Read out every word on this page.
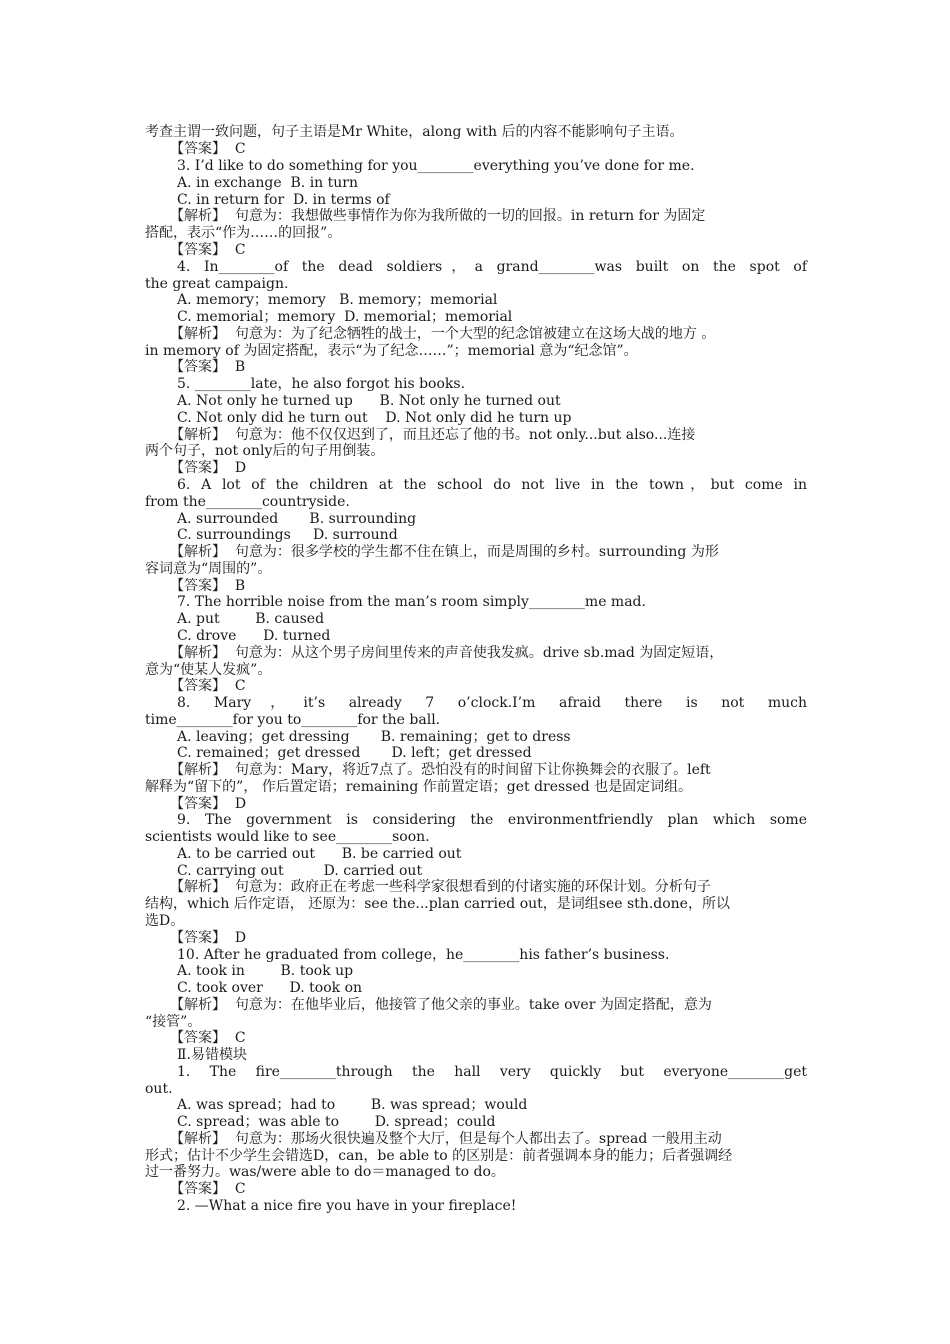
考查主谓一致问题，句子主语是Mr White，along with 后的内容不能影响句子主语。
【答案】  C
3. I’d like to do something for you________everything you’ve done for me.
A. in exchange  B. in turn
C. in return for  D. in terms of
【解析】  句意为：我想做些事情作为你为我所做的一切的回报。in return for 为固定
搭配，表示“作为……的回报”。
【答案】  C
4. In________of the dead soldiers，a grand________was built on the spot of
the great campaign.
A. memory；memory   B. memory；memorial
C. memorial；memory  D. memorial；memorial
【解析】  句意为：为了纪念牺牲的战士，一个大型的纪念馆被建立在这场大战的地方 。
in memory of 为固定搭配，表示“为了纪念……”；memorial 意为“纪念馆”。
【答案】  B
5. ________late，he also forgot his books.
A. Not only he turned up      B. Not only he turned out
C. Not only did he turn out    D. Not only did he turn up
【解析】  句意为：他不仅仅迟到了，而且还忘了他的书。not only...but also...连接
两个句子，not only后的句子用倒装。
【答案】  D
6. A lot of the children at the school do not live in the town，but come in
from the________countryside.
A. surrounded       B. surrounding
C. surroundings     D. surround
【解析】  句意为：很多学校的学生都不住在镇上，而是周围的乡村。surrounding 为形
容词意为“周围的”。
【答案】  B
7. The horrible noise from the man’s room simply________me mad.
A. put        B. caused
C. drove      D. turned
【解析】  句意为：从这个男子房间里传来的声音使我发疯。drive sb.mad 为固定短语，
意为“使某人发疯”。
【答案】  C
8. Mary，it’s already 7 o’clock.I’m afraid there is not much
time________for you to________for the ball.
A. leaving；get dressing       B. remaining；get to dress
C. remained；get dressed       D. left；get dressed
【解析】  句意为：Mary，将近7点了。恐怕没有的时间留下让你换舞会的衣服了。left
解释为“留下的”， 作后置定语；remaining 作前置定语；get dressed 也是固定词组。
【答案】  D
9. The government is considering the environmentfriendly plan which some
scientists would like to see________soon.
A. to be carried out      B. be carried out
C. carrying out         D. carried out
【解析】  句意为：政府正在考虑一些科学家很想看到的付诸实施的环保计划。分析句子
结构，which 后作定语， 还原为：see the...plan carried out，是词组see sth.done，所以
选D。
【答案】  D
10. After he graduated from college，he________his father’s business.
A. took in        B. took up
C. took over      D. took on
【解析】  句意为：在他毕业后，他接管了他父亲的事业。take over 为固定搭配，意为
“接管”。
【答案】  C
Ⅱ.易错模块
1. The fire________through the hall very quickly but everyone________get
out.
A. was spread；had to        B. was spread；would
C. spread；was able to        D. spread；could
【解析】  句意为：那场火很快遍及整个大厅，但是每个人都出去了。spread 一般用主动
形式；估计不少学生会错选D，can，be able to 的区别是：前者强调本身的能力；后者强调经
过一番努力。was/were able to do＝managed to do。
【答案】  C
2. —What a nice fire you have in your fireplace!
